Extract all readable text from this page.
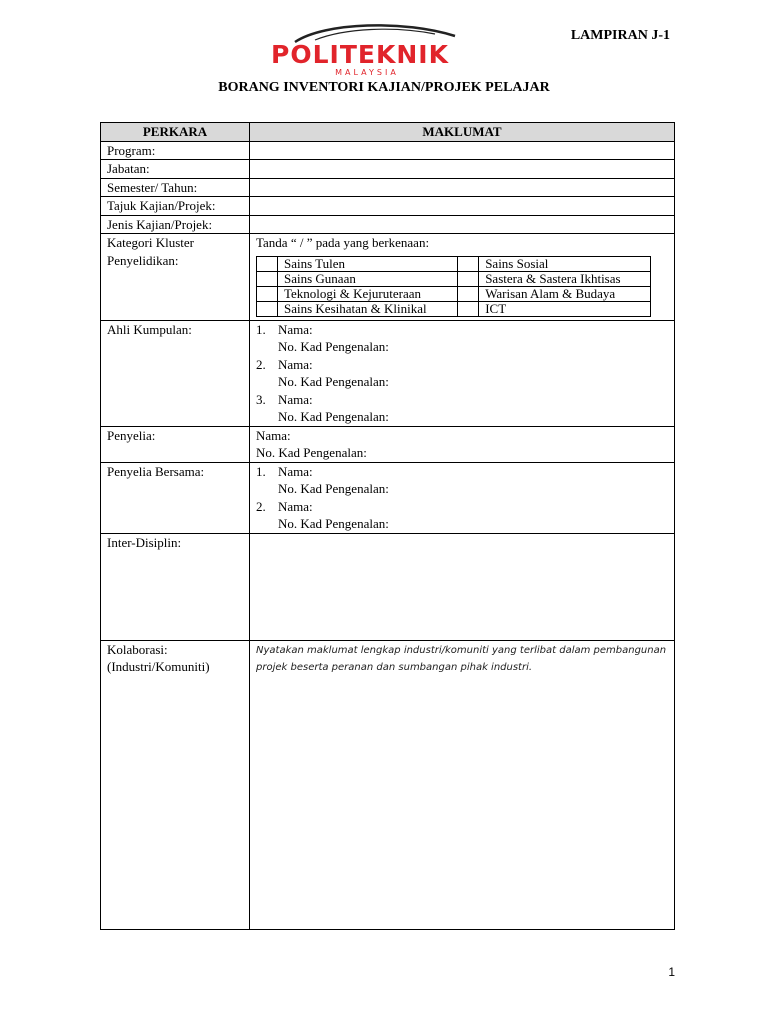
LAMPIRAN J-1
POLITEKNIK
MALAYSIA
BORANG INVENTORI KAJIAN/PROJEK PELAJAR
PERKARA	MAKLUMAT
Program:	
Jabatan:	
Semester/ Tahun:	
Tajuk Kajian/Projek:	
Jenis Kajian/Projek:	

Kategori Kluster
Penyelidikan:

Tanda “ / ” pada yang berkenaan:
	Sains Tulen		Sains Sosial
	Sains Gunaan		Sastera & Sastera Ikhtisas
	Teknologi & Kejuruteraan		Warisan Alam & Budaya
	Sains Kesihatan & Klinikal		ICT

Ahli Kumpulan:	1. Nama:
No. Kad Pengenalan:
2. Nama:
No. Kad Pengenalan:
3. Nama:
No. Kad Pengenalan:

Penyelia:	Nama:
No. Kad Pengenalan:

Penyelia Bersama:	1. Nama:
No. Kad Pengenalan:
2. Nama:
No. Kad Pengenalan:

Inter-Disiplin:	

Kolaborasi:
(Industri/Komuniti)

Nyatakan maklumat lengkap industri/komuniti yang terlibat dalam pembangunan projek beserta peranan dan sumbangan pihak industri.
1
